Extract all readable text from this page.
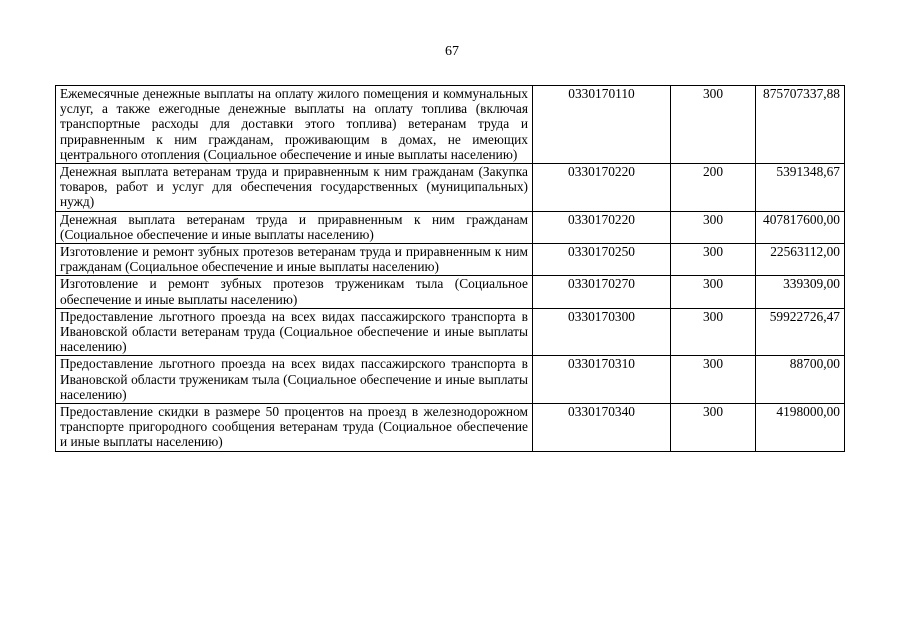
67
Ежемесячные денежные выплаты на оплату жилого помещения и коммунальных услуг, а также ежегодные денежные выплаты на оплату топлива (включая транспортные расходы для доставки этого топлива) ветеранам труда и приравненным к ним гражданам, проживающим в домах, не имеющих центрального отопления (Социальное обеспечение и иные выплаты населению)	0330170110	300	875707337,88
Денежная выплата ветеранам труда и приравненным к ним гражданам (Закупка товаров, работ и услуг для обеспечения государственных (муниципальных) нужд)	0330170220	200	5391348,67
Денежная выплата ветеранам труда и приравненным к ним гражданам (Социальное обеспечение и иные выплаты населению)	0330170220	300	407817600,00
Изготовление и ремонт зубных протезов ветеранам труда и приравненным к ним гражданам (Социальное обеспечение и иные выплаты населению)	0330170250	300	22563112,00
Изготовление и ремонт зубных протезов труженикам тыла (Социальное обеспечение и иные выплаты населению)	0330170270	300	339309,00
Предоставление льготного проезда на всех видах пассажирского транспорта в Ивановской области ветеранам труда (Социальное обеспечение и иные выплаты населению)	0330170300	300	59922726,47
Предоставление льготного проезда на всех видах пассажирского транспорта в Ивановской области труженикам тыла (Социальное обеспечение и иные выплаты населению)	0330170310	300	88700,00
Предоставление скидки в размере 50 процентов на проезд в железнодорожном транспорте пригородного сообщения ветеранам труда (Социальное обеспечение и иные выплаты населению)	0330170340	300	4198000,00
